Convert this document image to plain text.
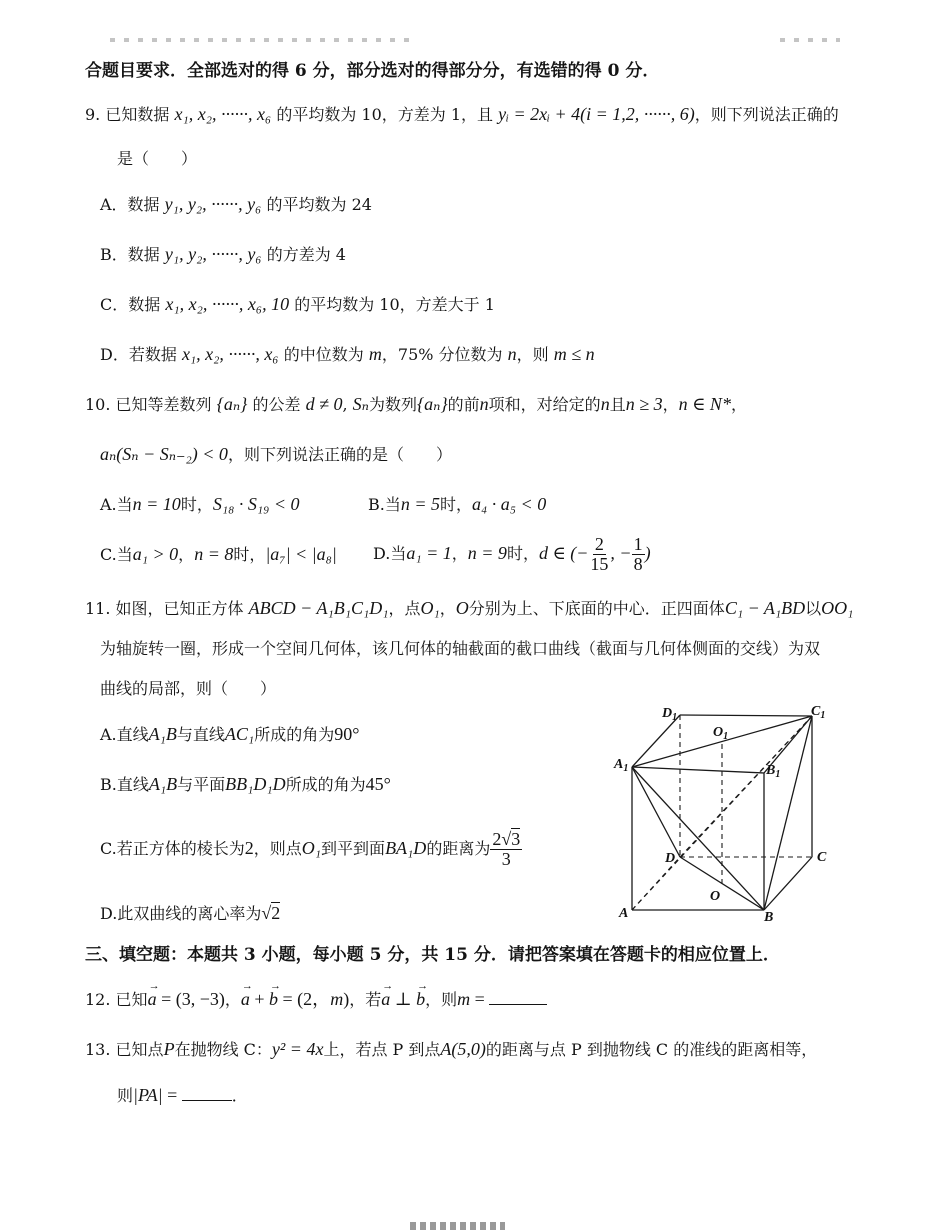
合题目要求．全部选对的得 6 分，部分选对的得部分分，有选错的得 0 分．
9. 已知数据 x₁, x₂, ······, x₆ 的平均数为 10，方差为 1，且 yᵢ = 2xᵢ + 4(i = 1,2, ······, 6)，则下列说法正确的
是（　　）
A．数据 y₁, y₂, ······, y₆ 的平均数为 24
B．数据 y₁, y₂, ······, y₆ 的方差为 4
C．数据 x₁, x₂, ······, x₆, 10 的平均数为 10，方差大于 1
D．若数据 x₁, x₂, ······, x₆ 的中位数为 m，75% 分位数为 n，则 m ≤ n
10. 已知等差数列 {aₙ} 的公差 d ≠ 0, Sₙ为数列{aₙ}的前n项和，对给定的n且n ≥ 3，n ∈ N*，
aₙ(Sₙ − Sₙ₋₂) < 0，则下列说法正确的是（　　）
A.当n = 10时，S₁₈ · S₁₉ < 0	B.当n = 5时，a₄ · a₅ < 0
C.当a₁ > 0，n = 8时，|a₇| < |a₈| D.当a₁ = 1，n = 9时，d ∈ (− $\frac{2}{15}$ , − $\frac{1}{8}$ )
11. 如图，已知正方体 ABCD − A₁B₁C₁D₁，点O₁，O分别为上、下底面的中心．正四面体C₁ − A₁BD以OO₁
为轴旋转一圈，形成一个空间几何体，该几何体的轴截面的截口曲线（截面与几何体侧面的交线）为双
曲线的局部，则（　　）
A.直线A₁B与直线AC₁所成的角为90°
B.直线A₁B与平面BB₁D₁D所成的角为45°
C.若正方体的棱长为2，则点O₁到平到面BA₁D的距离为 $\frac{2√3}{3}$
D.此双曲线的离心率为√2
$D_1$
$O_1$
$C_1$
$A_1$	$B_1$
D	C
O
A	B
三、填空题：本题共 3 小题，每小题 5 分，共 15 分．请把答案填在答题卡的相应位置上．
12. 已知→ a = (3, −3)，→ a + → b = (2，m)，若→ a ⊥ → b，则m =
13. 已知点P在抛物线 C：y² = 4x上，若点 P 到点A(5,0)的距离与点 P 到抛物线 C 的准线的距离相等，
则|PA| =	．
